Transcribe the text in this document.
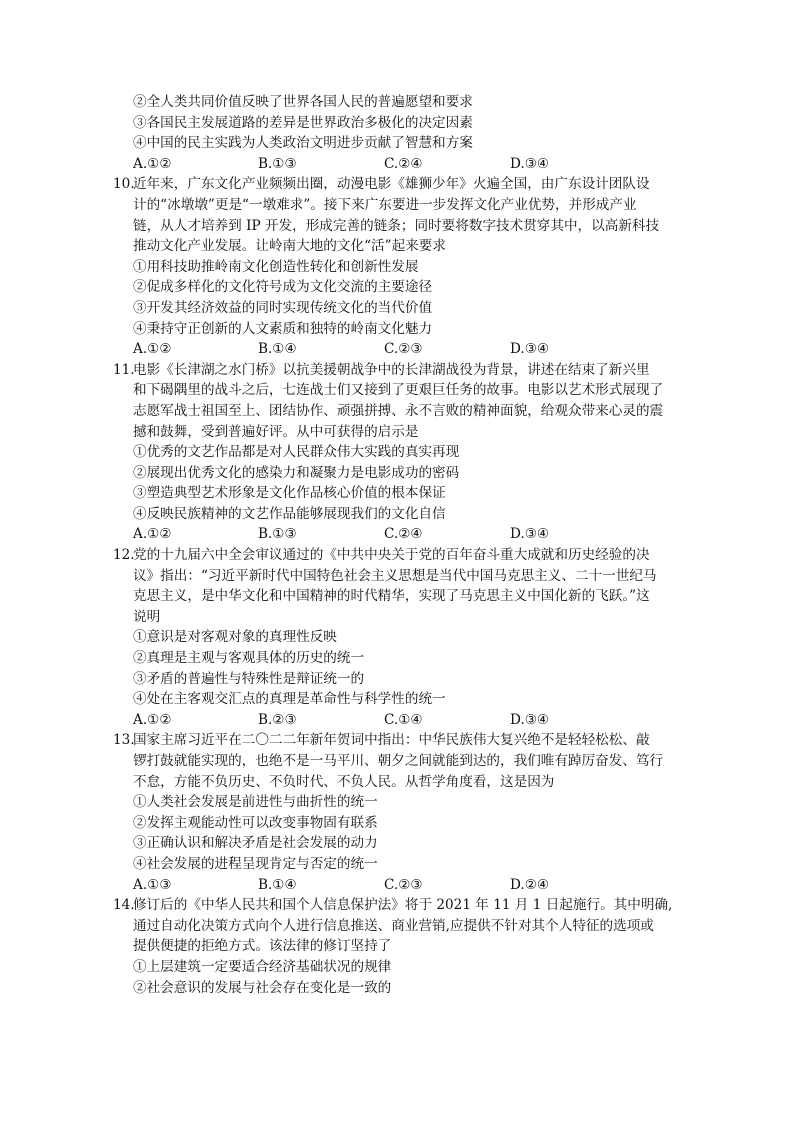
②全人类共同价值反映了世界各国人民的普遍愿望和要求
③各国民主发展道路的差异是世界政治多极化的决定因素
④中国的民主实践为人类政治文明进步贡献了智慧和方案
A.①②	B.①③	C.②④	D.③④
10.近年来，广东文化产业频频出圈，动漫电影《雄狮少年》火遍全国，由广东设计团队设
计的“冰墩墩”更是“一墩难求”。接下来广东要进一步发挥文化产业优势，并形成产业
链，从人才培养到 IP 开发，形成完善的链条；同时要将数字技术贯穿其中，以高新科技
推动文化产业发展。让岭南大地的文化“活”起来要求
①用科技助推岭南文化创造性转化和创新性发展
②促成多样化的文化符号成为文化交流的主要途径
③开发其经济效益的同时实现传统文化的当代价值
④秉持守正创新的人文素质和独特的岭南文化魅力
A.①②	B.①④	C.②③	D.③④
11.电影《长津湖之水门桥》以抗美援朝战争中的长津湖战役为背景，讲述在结束了新兴里
和下碣隅里的战斗之后，七连战士们又接到了更艰巨任务的故事。电影以艺术形式展现了
志愿军战士祖国至上、团结协作、顽强拼搏、永不言败的精神面貌，给观众带来心灵的震
撼和鼓舞，受到普遍好评。从中可获得的启示是
①优秀的文艺作品都是对人民群众伟大实践的真实再现
②展现出优秀文化的感染力和凝聚力是电影成功的密码
③塑造典型艺术形象是文化作品核心价值的根本保证
④反映民族精神的文艺作品能够展现我们的文化自信
A.①②	B.①③	C.②④	D.③④
12.党的十九届六中全会审议通过的《中共中央关于党的百年奋斗重大成就和历史经验的决
议》指出：“习近平新时代中国特色社会主义思想是当代中国马克思主义、二十一世纪马
克思主义，是中华文化和中国精神的时代精华，实现了马克思主义中国化新的飞跃。”这
说明
①意识是对客观对象的真理性反映
②真理是主观与客观具体的历史的统一
③矛盾的普遍性与特殊性是辩证统一的
④处在主客观交汇点的真理是革命性与科学性的统一
A.①②	B.②③	C.①④	D.③④
13.国家主席习近平在二〇二二年新年贺词中指出：中华民族伟大复兴绝不是轻轻松松、敲
锣打鼓就能实现的，也绝不是一马平川、朝夕之间就能到达的，我们唯有踔厉奋发、笃行
不怠，方能不负历史、不负时代、不负人民。从哲学角度看，这是因为
①人类社会发展是前进性与曲折性的统一
②发挥主观能动性可以改变事物固有联系
③正确认识和解决矛盾是社会发展的动力
④社会发展的进程呈现肯定与否定的统一
A.①③	B.①④	C.②③	D.②④
14.修订后的《中华人民共和国个人信息保护法》将于 2021 年 11 月 1 日起施行。其中明确,
通过自动化决策方式向个人进行信息推送、商业营销,应提供不针对其个人特征的选项或
提供便捷的拒绝方式。该法律的修订坚持了
①上层建筑一定要适合经济基础状况的规律
②社会意识的发展与社会存在变化是一致的
